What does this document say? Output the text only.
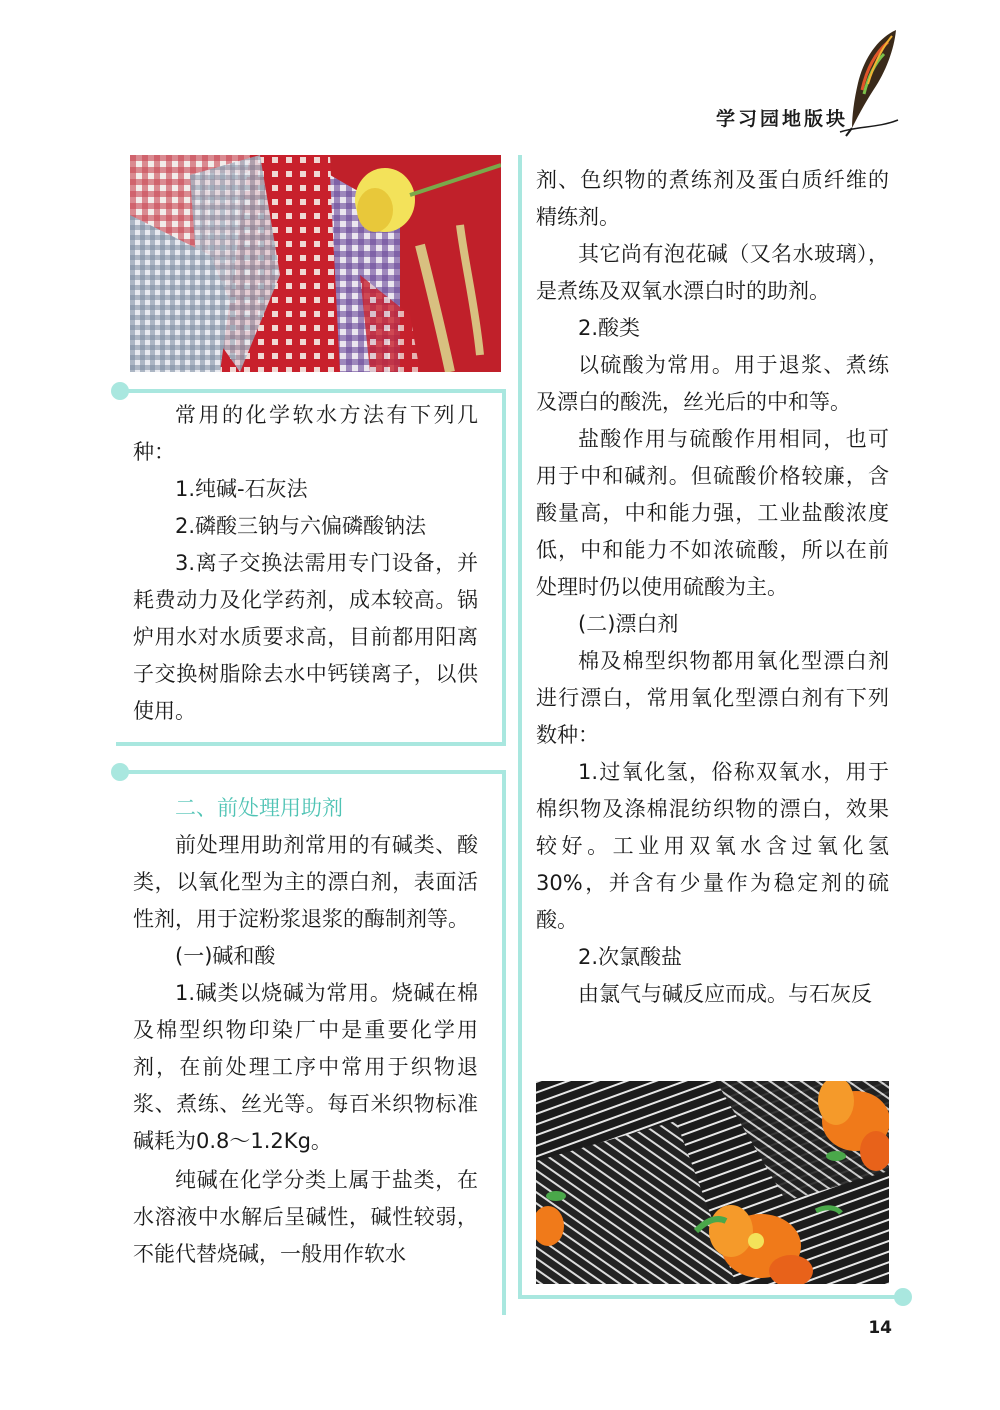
学习园地版块

常用的化学软水方法有下列几种：

1.纯碱-石灰法

2.磷酸三钠与六偏磷酸钠法

3.离子交换法需用专门设备，并耗费动力及化学药剂，成本较高。锅炉用水对水质要求高，目前都用阳离子交换树脂除去水中钙镁离子，以供使用。

二、前处理用助剂

前处理用助剂常用的有碱类、酸类，以氧化型为主的漂白剂，表面活性剂，用于淀粉浆退浆的酶制剂等。

(一)碱和酸

1.碱类以烧碱为常用。烧碱在棉及棉型织物印染厂中是重要化学用剂，在前处理工序中常用于织物退浆、煮练、丝光等。每百米织物标准碱耗为0.8～1.2Kg。

纯碱在化学分类上属于盐类，在水溶液中水解后呈碱性，碱性较弱，不能代替烧碱，一般用作软水

剂、色织物的煮练剂及蛋白质纤维的精练剂。

其它尚有泡花碱（又名水玻璃），是煮练及双氧水漂白时的助剂。

2.酸类

以硫酸为常用。用于退浆、煮练及漂白的酸洗，丝光后的中和等。

盐酸作用与硫酸作用相同，也可用于中和碱剂。但硫酸价格较廉，含酸量高，中和能力强，工业盐酸浓度低，中和能力不如浓硫酸，所以在前处理时仍以使用硫酸为主。

(二)漂白剂

棉及棉型织物都用氧化型漂白剂进行漂白，常用氧化型漂白剂有下列数种：

1.过氧化氢，俗称双氧水，用于棉织物及涤棉混纺织物的漂白，效果较好。工业用双氧水含过氧化氢30%，并含有少量作为稳定剂的硫酸。

2.次氯酸盐

由氯气与碱反应而成。与石灰反

14
